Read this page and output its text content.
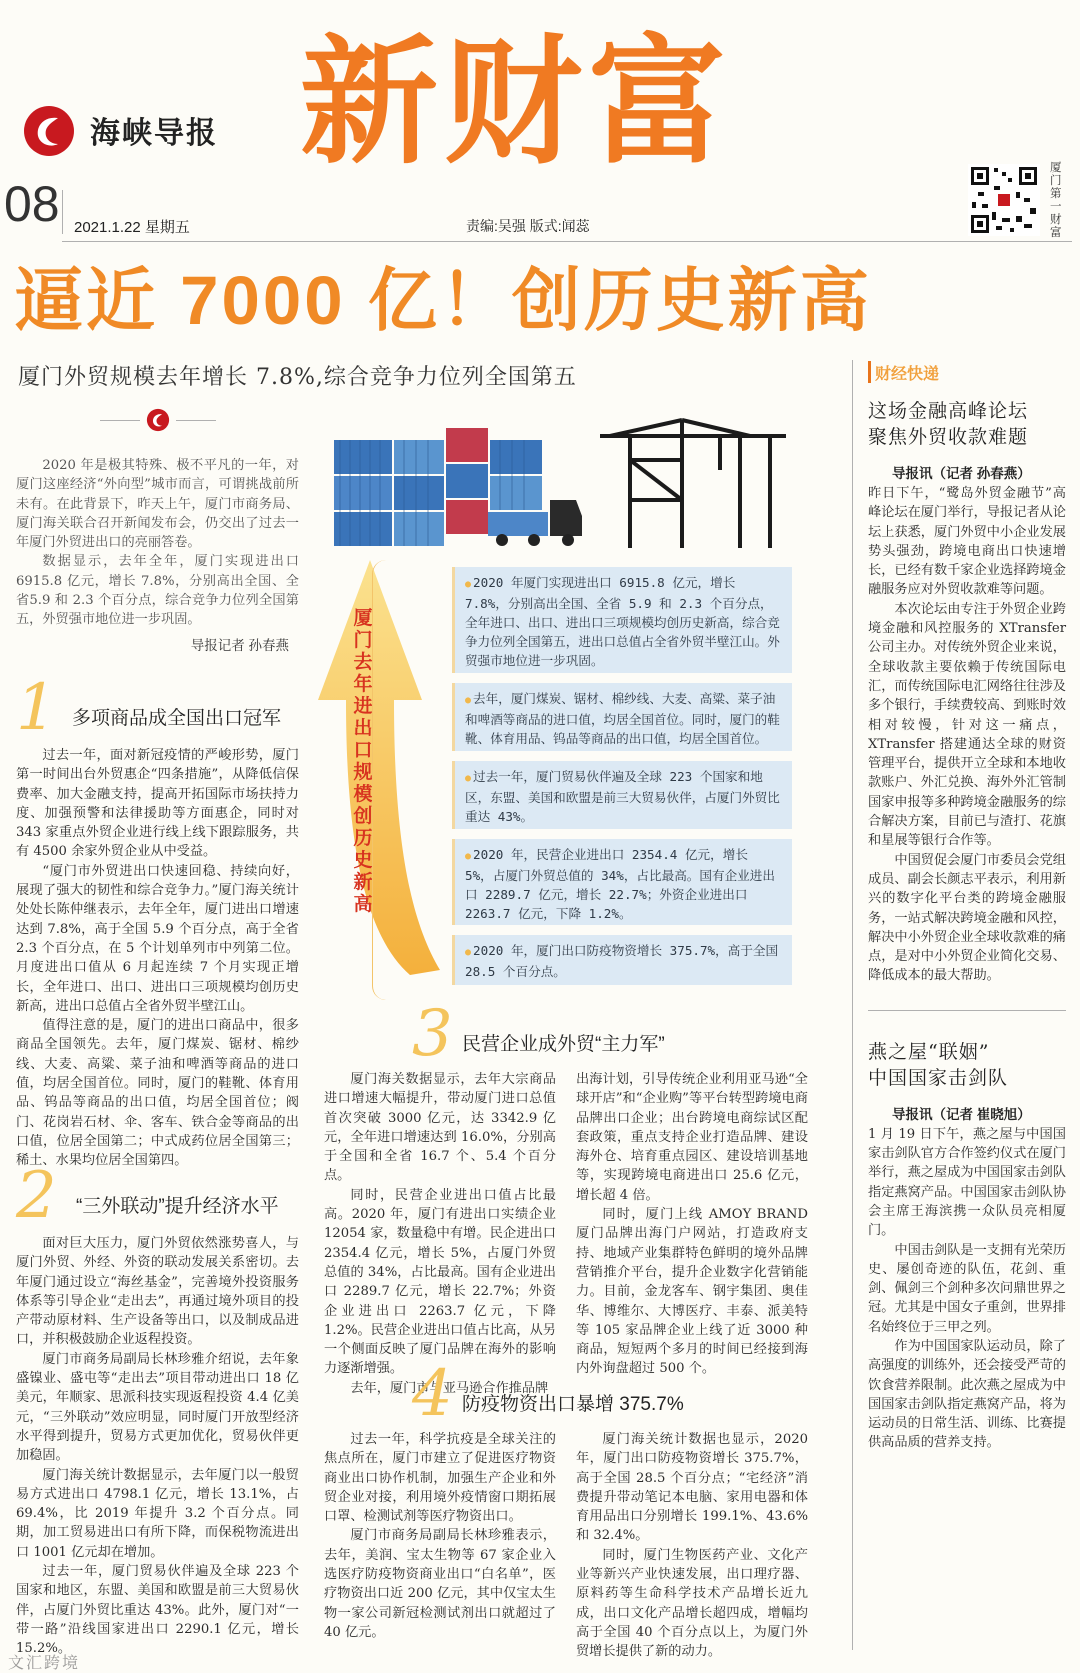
海峡导报 新财富
08 2021.1.22 星期五	责编:吴强 版式:闻蕊
厦门第一财富
逼近 7000 亿！创历史新高
厦门外贸规模去年增长 7.8%,综合竞争力位列全国第五

2020 年是极其特殊、极不平凡的一年，对厦门这座经济“外向型”城市而言，可谓挑战前所未有。在此背景下，昨天上午，厦门市商务局、厦门海关联合召开新闻发布会，仍交出了过去一年厦门外贸进出口的亮丽答卷。

数据显示，去年全年，厦门实现进出口6915.8 亿元，增长 7.8%，分别高出全国、全省5.9 和 2.3 个百分点，综合竞争力位列全国第五，外贸强市地位进一步巩固。

导报记者 孙春燕
厦门去年进出口规模创历史新高
● 2020 年厦门实现进出口 6915.8 亿元，增长 7.8%，分别高出全国、全省 5.9 和 2.3 个百分点，全年进口、出口、进出口三项规模均创历史新高，综合竞争力位列全国第五，进出口总值占全省外贸半壁江山。外贸强市地位进一步巩固。
● 去年，厦门煤炭、锯材、棉纱线、大麦、高粱、菜子油和啤酒等商品的进口值，均居全国首位。同时，厦门的鞋靴、体育用品、钨品等商品的出口值，均居全国首位。
● 过去一年，厦门贸易伙伴遍及全球 223 个国家和地区，东盟、美国和欧盟是前三大贸易伙伴，占厦门外贸比重达 43%。
● 2020 年，民营企业进出口 2354.4 亿元，增长 5%，占厦门外贸总值的 34%，占比最高。国有企业进出口 2289.7 亿元，增长 22.7%；外资企业进出口 2263.7 亿元，下降 1.2%。
● 2020 年，厦门出口防疫物资增长 375.7%，高于全国 28.5 个百分点。
1 多项商品成全国出口冠军

过去一年，面对新冠疫情的严峻形势，厦门第一时间出台外贸惠企“四条措施”，从降低信保费率、加大金融支持，提高开拓国际市场扶持力度、加强预警和法律援助等方面惠企，同时对 343 家重点外贸企业进行线上线下跟踪服务，共有 4500 余家外贸企业从中受益。

“厦门市外贸进出口快速回稳、持续向好，展现了强大的韧性和综合竞争力。”厦门海关统计处处长陈仲继表示，去年全年，厦门进出口增速达到 7.8%，高于全国 5.9 个百分点，高于全省 2.3 个百分点，在 5 个计划单列市中列第二位。月度进出口值从 6 月起连续 7 个月实现正增长，全年进口、出口、进出口三项规模均创历史新高，进出口总值占全省外贸半壁江山。

值得注意的是，厦门的进出口商品中，很多商品全国领先。去年，厦门煤炭、锯材、棉纱线、大麦、高粱、菜子油和啤酒等商品的进口值，均居全国首位。同时，厦门的鞋靴、体育用品、钨品等商品的出口值，均居全国首位；阀门、花岗岩石材、伞、客车、铁合金等商品的出口值，位居全国第二；中式成药位居全国第三；稀土、水果均位居全国第四。

2 “三外联动”提升经济水平

面对巨大压力，厦门外贸依然涨势喜人，与厦门外贸、外经、外资的联动发展关系密切。去年厦门通过设立“海丝基金”，完善境外投资服务体系等引导企业“走出去”，再通过境外项目的投产带动原材料、生产设备等出口，以及制成品进口，并积极鼓励企业返程投资。

厦门市商务局副局长林珍雅介绍说，去年象盛镍业、盛屯等“走出去”项目带动进出口 18 亿美元，年顺家、思派科技实现返程投资 4.4 亿美元，“三外联动”效应明显，同时厦门开放型经济水平得到提升，贸易方式更加优化，贸易伙伴更加稳固。

厦门海关统计数据显示，去年厦门以一般贸易方式进出口 4798.1 亿元，增长 13.1%，占 69.4%，比 2019 年提升 3.2 个百分点。同期，加工贸易进出口有所下降，而保税物流进出口 1001 亿元却在增加。

过去一年，厦门贸易伙伴遍及全球 223 个国家和地区，东盟、美国和欧盟是前三大贸易伙伴，占厦门外贸比重达 43%。此外，厦门对“一带一路”沿线国家进出口 2290.1 亿元，增长 15.2%。

3 民营企业成外贸“主力军”

厦门海关数据显示，去年大宗商品进口增速大幅提升，带动厦门进口总值首次突破 3000 亿元，达 3342.9 亿元，全年进口增速达到 16.0%，分别高于全国和全省 16.7 个、5.4 个百分点。

同时，民营企业进出口值占比最高。2020 年，厦门有进出口实绩企业 12054 家，数量稳中有增。民企进出口 2354.4 亿元，增长 5%，占厦门外贸总值的 34%，占比最高。国有企业进出口 2289.7 亿元，增长 22.7%；外资企业进出口 2263.7 亿元，下降 1.2%。民营企业进出口值占比高，从另一个侧面反映了厦门品牌在海外的影响力逐渐增强。

去年，厦门市与亚马逊合作推品牌

出海计划，引导传统企业利用亚马逊“全球开店”和“企业购”等平台转型跨境电商品牌出口企业；出台跨境电商综试区配套政策，重点支持企业打造品牌、建设海外仓、培育重点园区、建设培训基地等，实现跨境电商进出口 25.6 亿元，增长超 4 倍。

同时，厦门上线 AMOY BRAND 厦门品牌出海门户网站，打造政府支持、地域产业集群特色鲜明的境外品牌营销推介平台，提升企业数字化营销能力。目前，金龙客车、钢宇集团、奥佳华、博维尔、大博医疗、丰泰、派美特等 105 家品牌企业上线了近 3000 种商品，短短两个多月的时间已经接到海内外询盘超过 500 个。

4 防疫物资出口暴增 375.7%

过去一年，科学抗疫是全球关注的焦点所在，厦门市建立了促进医疗物资商业出口协作机制，加强生产企业和外贸企业对接，利用境外疫情窗口期拓展口罩、检测试剂等医疗物资出口。

厦门市商务局副局长林珍雅表示，去年，美润、宝太生物等 67 家企业入选医疗防疫物资商业出口“白名单”，医疗物资出口近 200 亿元，其中仅宝太生物一家公司新冠检测试剂出口就超过了 40 亿元。

厦门海关统计数据也显示，2020 年，厦门出口防疫物资增长 375.7%，高于全国 28.5 个百分点；“宅经济”消费提升带动笔记本电脑、家用电器和体育用品出口分别增长 199.1%、43.6% 和 32.4%。

同时，厦门生物医药产业、文化产业等新兴产业快速发展，出口理疗器、原料药等生命科学技术产品增长近九成，出口文化产品增长超四成，增幅均高于全国 40 个百分点以上，为厦门外贸增长提供了新的动力。

财经快递
这场金融高峰论坛
聚焦外贸收款难题
导报讯（记者 孙春燕）

昨日下午，“鹭岛外贸金融节”高峰论坛在厦门举行，导报记者从论坛上获悉，厦门外贸中小企业发展势头强劲，跨境电商出口快速增长，已经有数千家企业选择跨境金融服务应对外贸收款难等问题。

本次论坛由专注于外贸企业跨境金融和风控服务的 XTransfer 公司主办。对传统外贸企业来说，全球收款主要依赖于传统国际电汇，而传统国际电汇网络往往涉及多个银行，手续费较高、到账时效相对较慢，针对这一痛点，XTransfer 搭建通达全球的财资管理平台，提供开立全球和本地收款账户、外汇兑换、海外外汇管制国家申报等多种跨境金融服务的综合解决方案，目前已与渣打、花旗和星展等银行合作等。

中国贸促会厦门市委员会党组成员、副会长颜志平表示，利用新兴的数字化平台类的跨境金融服务，一站式解决跨境金融和风控，解决中小外贸企业全球收款难的痛点，是对中小外贸企业简化交易、降低成本的最大帮助。

燕之屋“联姻”
中国国家击剑队
导报讯（记者 崔晓旭）

1 月 19 日下午，燕之屋与中国国家击剑队官方合作签约仪式在厦门举行，燕之屋成为中国国家击剑队指定燕窝产品。中国国家击剑队协会主席王海滨携一众队员亮相厦门。

中国击剑队是一支拥有光荣历史、屡创奇迹的队伍，花剑、重剑、佩剑三个剑种多次问鼎世界之冠。尤其是中国女子重剑，世界排名始终位于三甲之列。

作为中国国家队运动员，除了高强度的训练外，还会接受严苛的饮食营养限制。此次燕之屋成为中国国家击剑队指定燕窝产品，将为运动员的日常生活、训练、比赛提供高品质的营养支持。

文汇跨境
